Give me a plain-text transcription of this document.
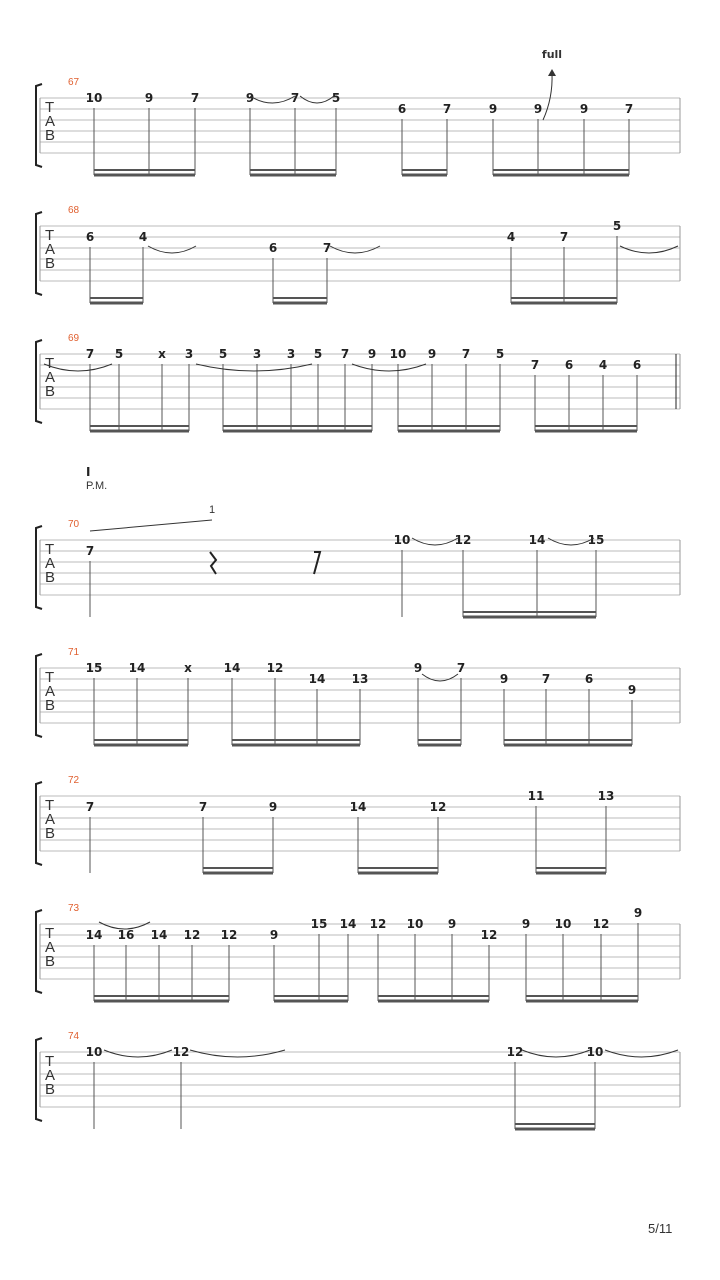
T
A
B
67
10	9	7	9	7	5
6	7	9	9	9	7
T
A
B
68
6	4
6	7
4	7
5
T
A
B
69
7 5	x 3 5 3 3 5 7 9 10 9 7 5
7 6 4 6
T
A
B
70
7
10	12	14	15
T
A
B
71
15 14	x	14 12
14 13
9	7
9	7	6
9
T
A
B
72
7	7	9	14	12
11	13
T
A
B
73
14 16 14 12 12	9
15 14 12 10 9
12
9 10 12
9
T
A
B
74
10	12	12	10
full
I
P.M.
1
5/11
